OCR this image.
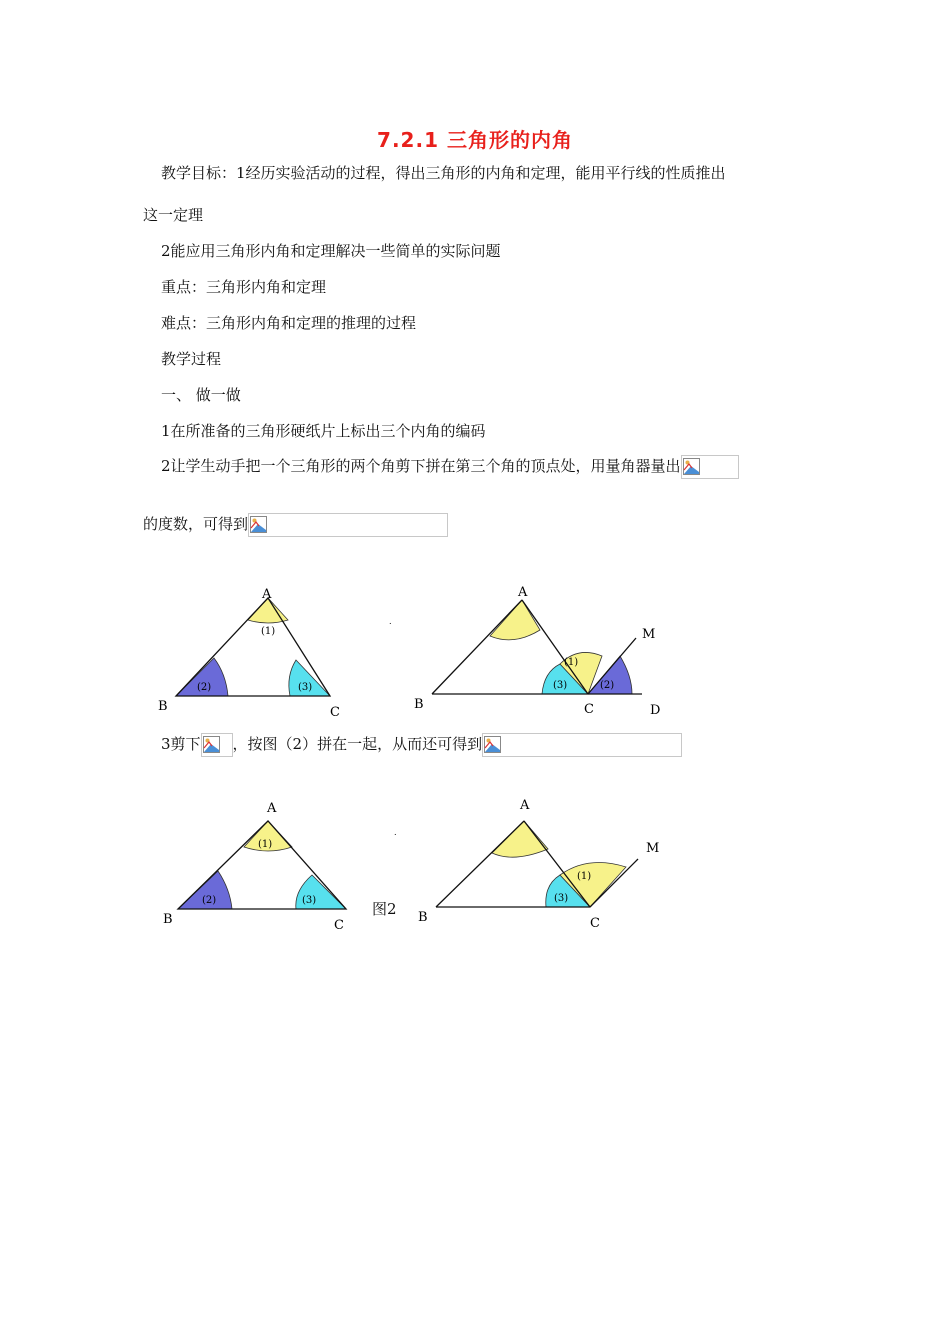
7.2.1 三角形的内角
教学目标：1经历实验活动的过程，得出三角形的内角和定理，能用平行线的性质推出
这一定理
2能应用三角形内角和定理解决一些简单的实际问题
重点：三角形内角和定理
难点：三角形内角和定理的推理的过程
教学过程
一、 做一做
1在所准备的三角形硬纸片上标出三个内角的编码
2让学生动手把一个三角形的两个角剪下拼在第三个角的顶点处，用量角器量出
的度数，可得到
(1)
(2)	(3)
A
B	C
.
(1)
(3)	(2)
A
B	C	D
M
3剪下 ，按图（2）拼在一起，从而还可得到
(1)
(2)	(3)
A
B	C
.
(1)
(3)
A
B	C
M
图2
